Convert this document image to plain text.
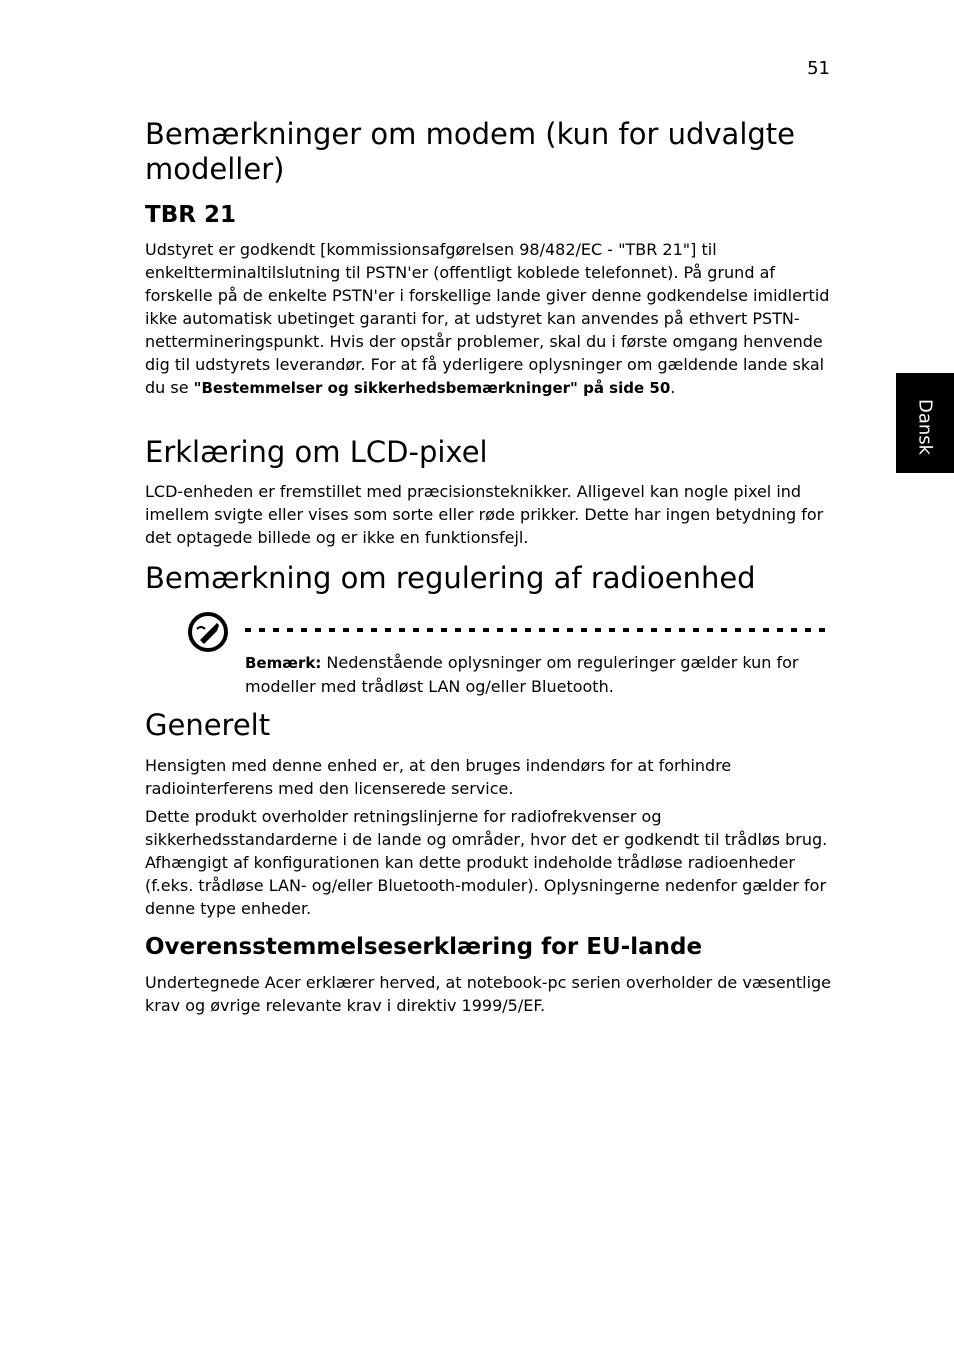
51
Dansk
Bemærkninger om modem (kun for udvalgte modeller)
TBR 21

Udstyret er godkendt [kommissionsafgørelsen 98/482/EC - "TBR 21"] til enkeltterminaltilslutning til PSTN'er (offentligt koblede telefonnet). På grund af forskelle på de enkelte PSTN'er i forskellige lande giver denne godkendelse imidlertid ikke automatisk ubetinget garanti for, at udstyret kan anvendes på ethvert PSTN-nettermineringspunkt. Hvis der opstår problemer, skal du i første omgang henvende dig til udstyrets leverandør. For at få yderligere oplysninger om gældende lande skal du se "Bestemmelser og sikkerhedsbemærkninger" på side 50.

Erklæring om LCD-pixel

LCD-enheden er fremstillet med præcisionsteknikker. Alligevel kan nogle pixel ind imellem svigte eller vises som sorte eller røde prikker. Dette har ingen betydning for det optagede billede og er ikke en funktionsfejl.

Bemærkning om regulering af radioenhed
Generelt

Hensigten med denne enhed er, at den bruges indendørs for at forhindre radiointerferens med den licenserede service.

Dette produkt overholder retningslinjerne for radiofrekvenser og sikkerhedsstandarderne i de lande og områder, hvor det er godkendt til trådløs brug. Afhængigt af konfigurationen kan dette produkt indeholde trådløse radioenheder (f.eks. trådløse LAN- og/eller Bluetooth-moduler). Oplysningerne nedenfor gælder for denne type enheder.

Overensstemmelseserklæring for EU-lande

Undertegnede Acer erklærer herved, at notebook-pc serien overholder de væsentlige krav og øvrige relevante krav i direktiv 1999/5/EF.

Bemærk: Nedenstående oplysninger om reguleringer gælder kun for modeller med trådløst LAN og/eller Bluetooth.
